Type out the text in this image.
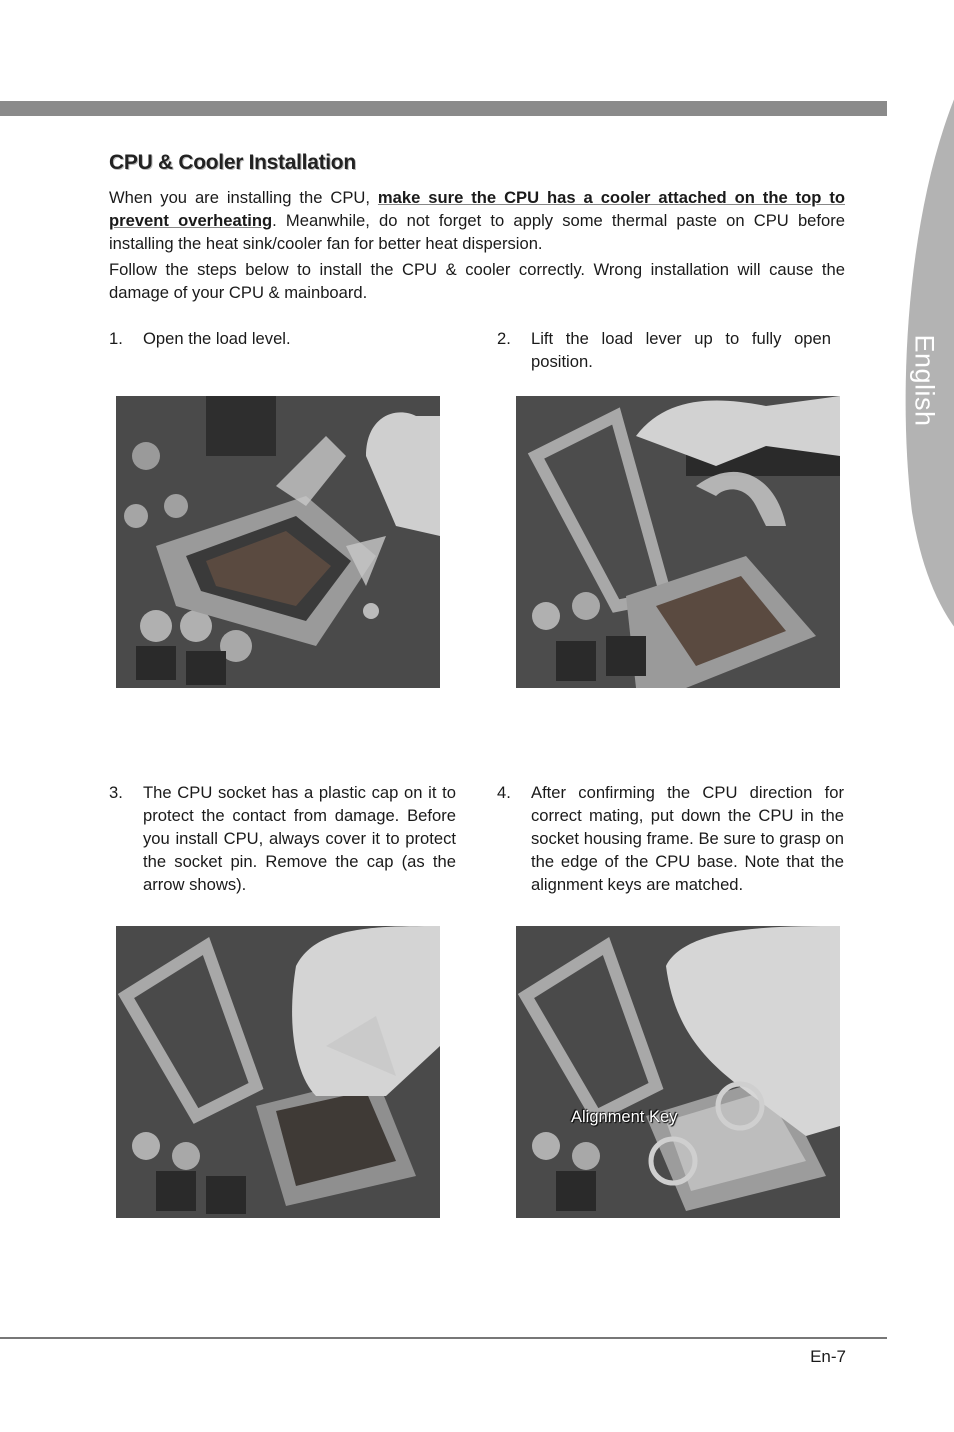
English
CPU & Cooler Installation

When you are installing the CPU, make sure the CPU has a cooler attached on the top to prevent overheating. Meanwhile, do not forget to apply some thermal paste on CPU before installing the heat sink/cooler fan for better heat dispersion.

Follow the steps below to install the CPU & cooler correctly. Wrong installation will cause the damage of your CPU & mainboard.

1. Open the load level.	2. Lift the load lever up to fully open position.
3. The CPU socket has a plastic cap on it to protect the contact from damage. Before you install CPU, always cover it to protect the socket pin. Remove the cap (as the arrow shows).
4. After confirming the CPU direction for correct mating, put down the CPU in the socket housing frame. Be sure to grasp on the edge of the CPU base. Note that the alignment keys are matched.
Alignment Key
En-7
